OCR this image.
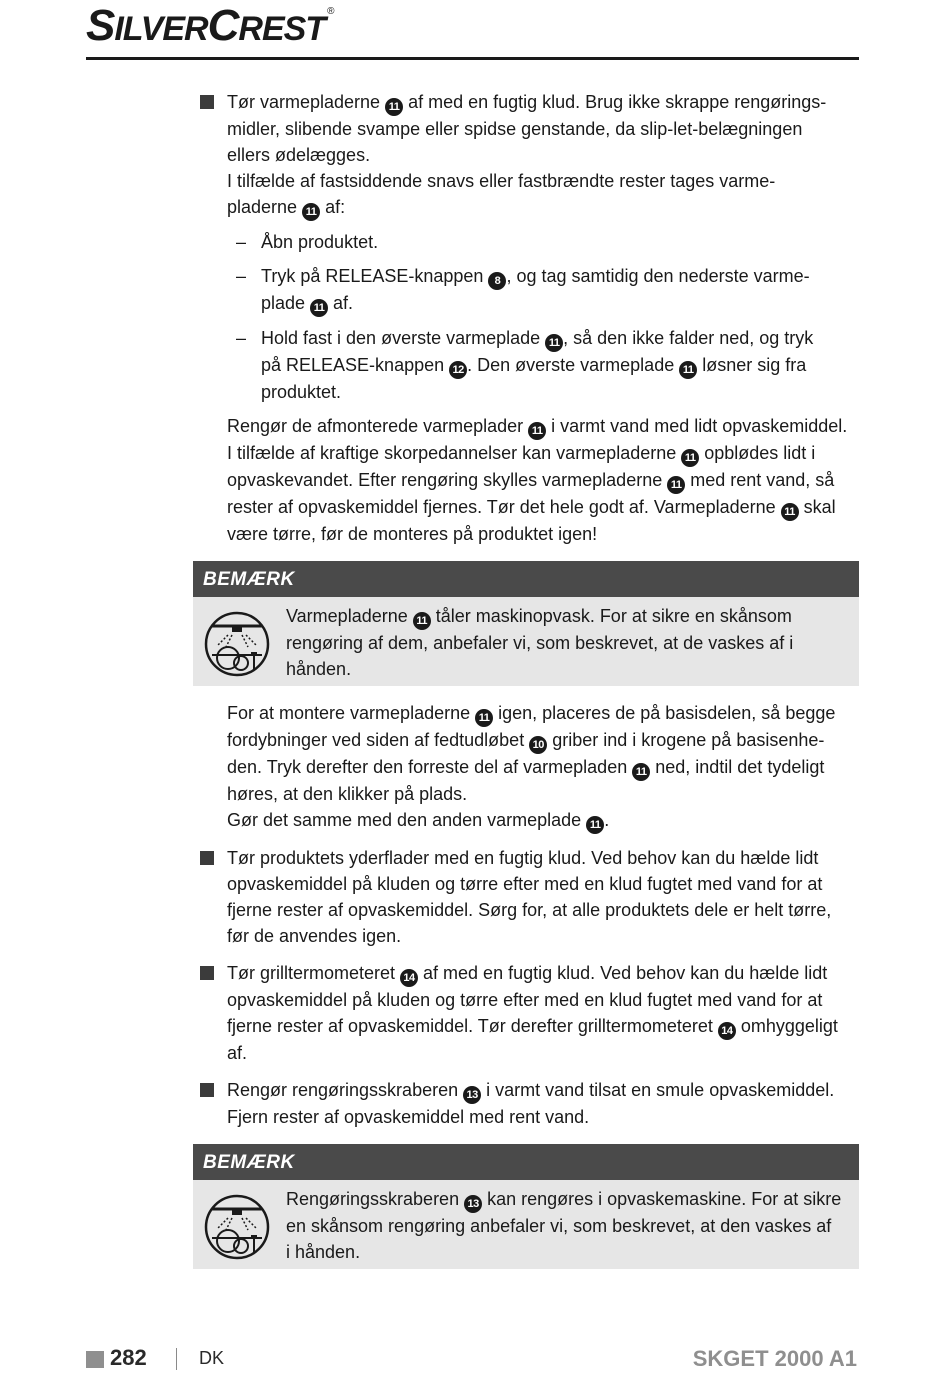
SILVERCREST ®
Tør varmepladerne 11 af med en fugtig klud. Brug ikke skrappe rengørings-
midler, slibende svampe eller spidse genstande, da slip-let-belægningen
ellers ødelægges.
I tilfælde af fastsiddende snavs eller fastbrændte rester tages varme-
pladerne 11 af:
– Åbn produktet.
– Tryk på RELEASE-knappen 8 , og tag samtidig den nederste varme-
plade 11 af.
– Hold fast i den øverste varmeplade 11 , så den ikke falder ned, og tryk
på RELEASE-knappen 12 . Den øverste varmeplade 11 løsner sig fra
produktet.
Rengør de afmonterede varmeplader 11 i varmt vand med lidt opvaskemiddel.
I tilfælde af kraftige skorpedannelser kan varmepladerne 11 opblødes lidt i
opvaskevandet. Efter rengøring skylles varmepladerne 11 med rent vand, så
rester af opvaskemiddel fjernes. Tør det hele godt af. Varmepladerne 11 skal
være tørre, før de monteres på produktet igen!
BEMÆRK
Varmepladerne 11 tåler maskinopvask. For at sikre en skånsom
rengøring af dem, anbefaler vi, som beskrevet, at de vaskes af i
hånden.
For at montere varmepladerne 11 igen, placeres de på basisdelen, så begge
fordybninger ved siden af fedtudløbet 10 griber ind i krogene på basisenhe-
den. Tryk derefter den forreste del af varmepladen 11 ned, indtil det tydeligt
høres, at den klikker på plads.
Gør det samme med den anden varmeplade 11 .
Tør produktets yderflader med en fugtig klud. Ved behov kan du hælde lidt
opvaskemiddel på kluden og tørre efter med en klud fugtet med vand for at
fjerne rester af opvaskemiddel. Sørg for, at alle produktets dele er helt tørre,
før de anvendes igen.
Tør grilltermometeret 14 af med en fugtig klud. Ved behov kan du hælde lidt
opvaskemiddel på kluden og tørre efter med en klud fugtet med vand for at
fjerne rester af opvaskemiddel. Tør derefter grilltermometeret 14 omhyggeligt
af.
Rengør rengøringsskraberen 13 i varmt vand tilsat en smule opvaskemiddel.
Fjern rester af opvaskemiddel med rent vand.
BEMÆRK
Rengøringsskraberen 13 kan rengøres i opvaskemaskine. For at sikre
en skånsom rengøring anbefaler vi, som beskrevet, at den vaskes af
i hånden.
282	DK	SKGET 2000 A1
